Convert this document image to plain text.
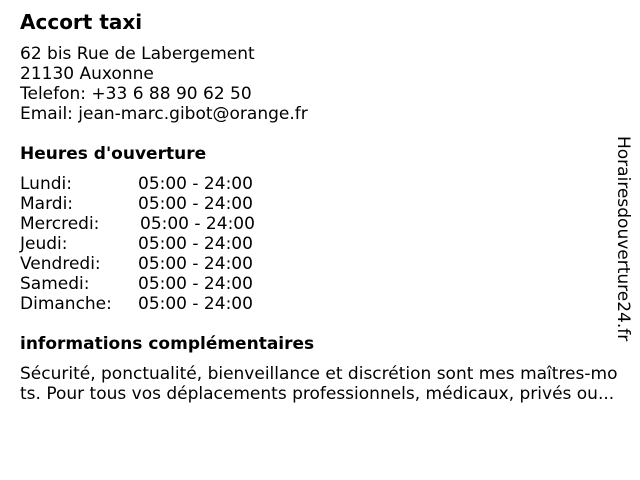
Accort taxi
62 bis Rue de Labergement
21130 Auxonne
Telefon: +33 6 88 90 62 50
Email: jean-marc.gibot@orange.fr
Heures d'ouverture
Lundi:	05:00 - 24:00
Mardi:	05:00 - 24:00
Mercredi: 05:00 - 24:00
Jeudi:	05:00 - 24:00
Vendredi: 05:00 - 24:00
Samedi:	05:00 - 24:00
Dimanche: 05:00 - 24:00
informations complémentaires
Sécurité, ponctualité, bienveillance et discrétion sont mes maîtres-mo
ts. Pour tous vos déplacements professionnels, médicaux, privés ou...
Horairesdouverture24.fr
